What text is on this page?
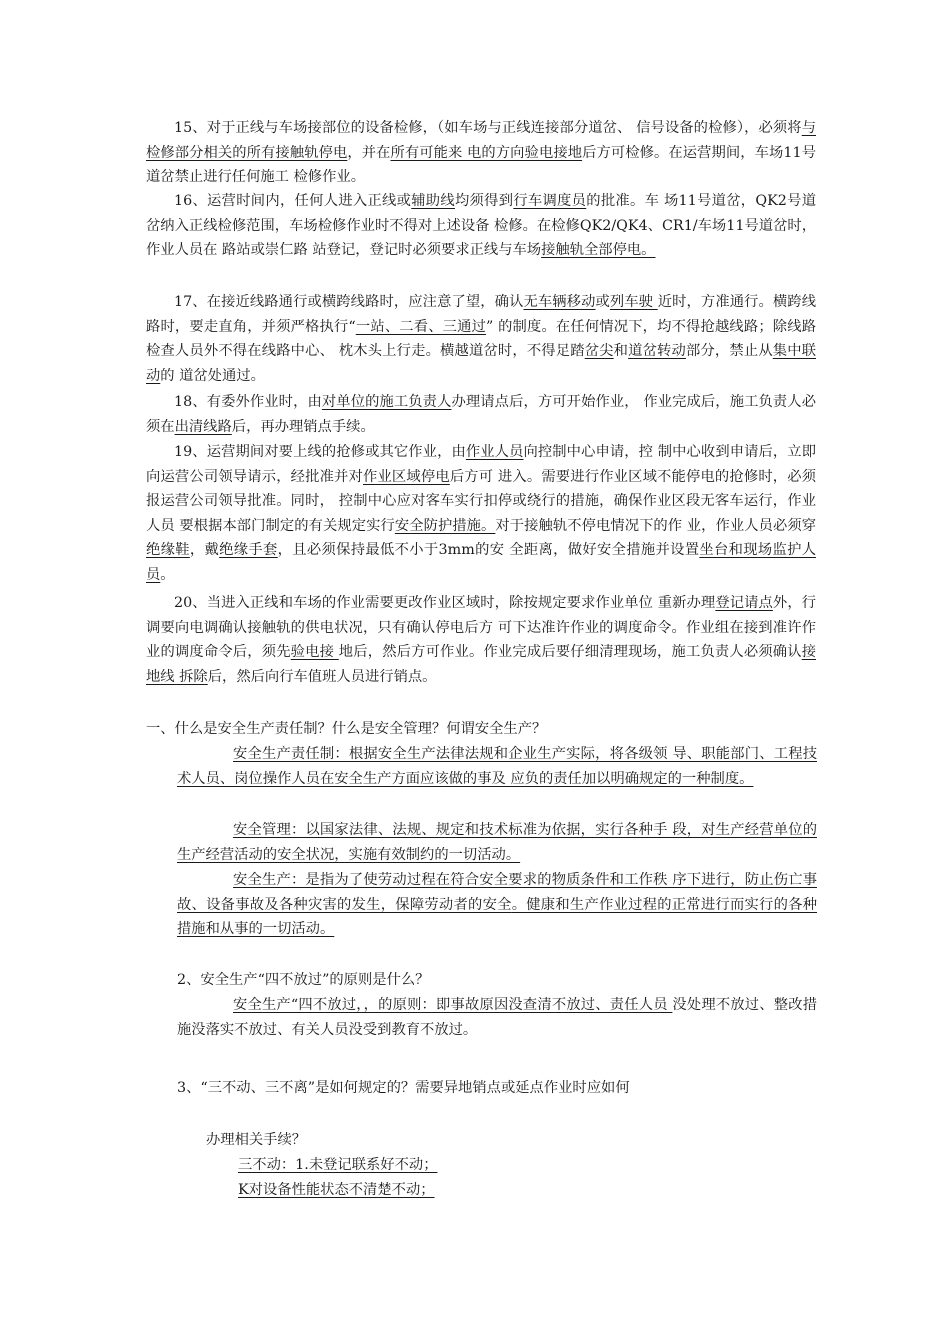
15、对于正线与车场接部位的设备检修，（如车场与正线连接部分道岔、 信号设备的检修），必须将与检修部分相关的所有接触轨停电，并在所有可能来 电的方向验电接地后方可检修。在运营期间，车场11号道岔禁止进行任何施工 检修作业。

16、运营时间内，任何人进入正线或辅助线均须得到行车调度员的批准。车 场11号道岔，QK2号道岔纳入正线检修范围，车场检修作业时不得对上述设备 检修。在检修QK2/QK4、CR1/车场11号道岔时，作业人员在 路站或崇仁路 站登记，登记时必须要求正线与车场接触轨全部停电。

17、在接近线路通行或横跨线路时，应注意了望，确认无车辆移动或列车驶 近时，方准通行。横跨线路时，要走直角，并须严格执行“一站、二看、三通过” 的制度。在任何情况下，均不得抢越线路；除线路检查人员外不得在线路中心、 枕木头上行走。横越道岔时，不得足踏岔尖和道岔转动部分，禁止从集中联动的 道岔处通过。

18、有委外作业时，由对单位的施工负责人办理请点后，方可开始作业， 作业完成后，施工负责人必须在出清线路后，再办理销点手续。

19、运营期间对要上线的抢修或其它作业，由作业人员向控制中心申请，控 制中心收到申请后，立即向运营公司领导请示，经批准并对作业区域停电后方可 进入。需要进行作业区域不能停电的抢修时，必须报运营公司领导批准。同时， 控制中心应对客车实行扣停或绕行的措施，确保作业区段无客车运行，作业人员 要根据本部门制定的有关规定实行安全防护措施。对于接触轨不停电情况下的作 业，作业人员必须穿绝缘鞋，戴绝缘手套，且必须保持最低不小于3mm的安 全距离，做好安全措施并设置坐台和现场监护人员。

20、当进入正线和车场的作业需要更改作业区域时，除按规定要求作业单位 重新办理登记请点外，行调要向电调确认接触轨的供电状况，只有确认停电后方 可下达准许作业的调度命令。作业组在接到准许作业的调度命令后，须先验电接 地后，然后方可作业。作业完成后要仔细清理现场，施工负责人必须确认接地线 拆除后，然后向行车值班人员进行销点。

一、什么是安全生产责任制？什么是安全管理？何谓安全生产？

安全生产责任制：根据安全生产法律法规和企业生产实际，将各级领 导、职能部门、工程技术人员、岗位操作人员在安全生产方面应该做的事及 应负的责任加以明确规定的一种制度。

安全管理：以国家法律、法规、规定和技术标准为依据，实行各种手 段，对生产经营单位的生产经营活动的安全状况，实施有效制约的一切活动。

安全生产：是指为了使劳动过程在符合安全要求的物质条件和工作秩 序下进行，防止伤亡事故、设备事故及各种灾害的发生，保障劳动者的安全。健康和生产作业过程的正常进行而实行的各种措施和从事的一切活动。

2、安全生产“四不放过”的原则是什么？

安全生产“四不放过，，的原则：即事故原因没查清不放过、责任人员 没处理不放过、整改措施没落实不放过、有关人员没受到教育不放过。

3、“三不动、三不离”是如何规定的？需要异地销点或延点作业时应如何

办理相关手续？

三不动：1.未登记联系好不动；

K对设备性能状态不清楚不动；
